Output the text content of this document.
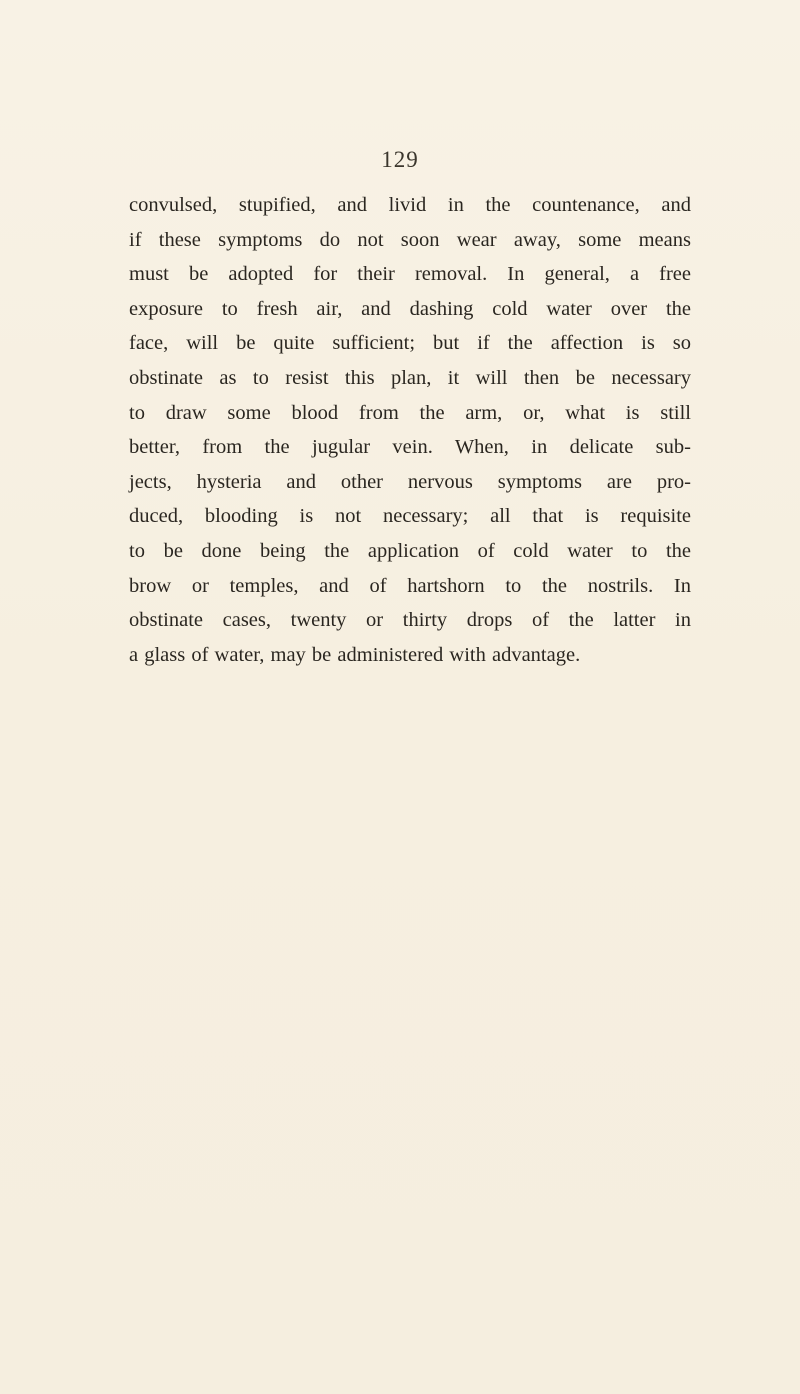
129
convulsed, stupified, and livid in the countenance, and
if these symptoms do not soon wear away, some means
must be adopted for their removal. In general, a free
exposure to fresh air, and dashing cold water over the
face, will be quite sufficient; but if the affection is so
obstinate as to resist this plan, it will then be necessary
to draw some blood from the arm, or, what is still
better, from the jugular vein. When, in delicate sub-
jects, hysteria and other nervous symptoms are pro-
duced, blooding is not necessary; all that is requisite
to be done being the application of cold water to the
brow or temples, and of hartshorn to the nostrils. In
obstinate cases, twenty or thirty drops of the latter in
a glass of water, may be administered with advantage.
